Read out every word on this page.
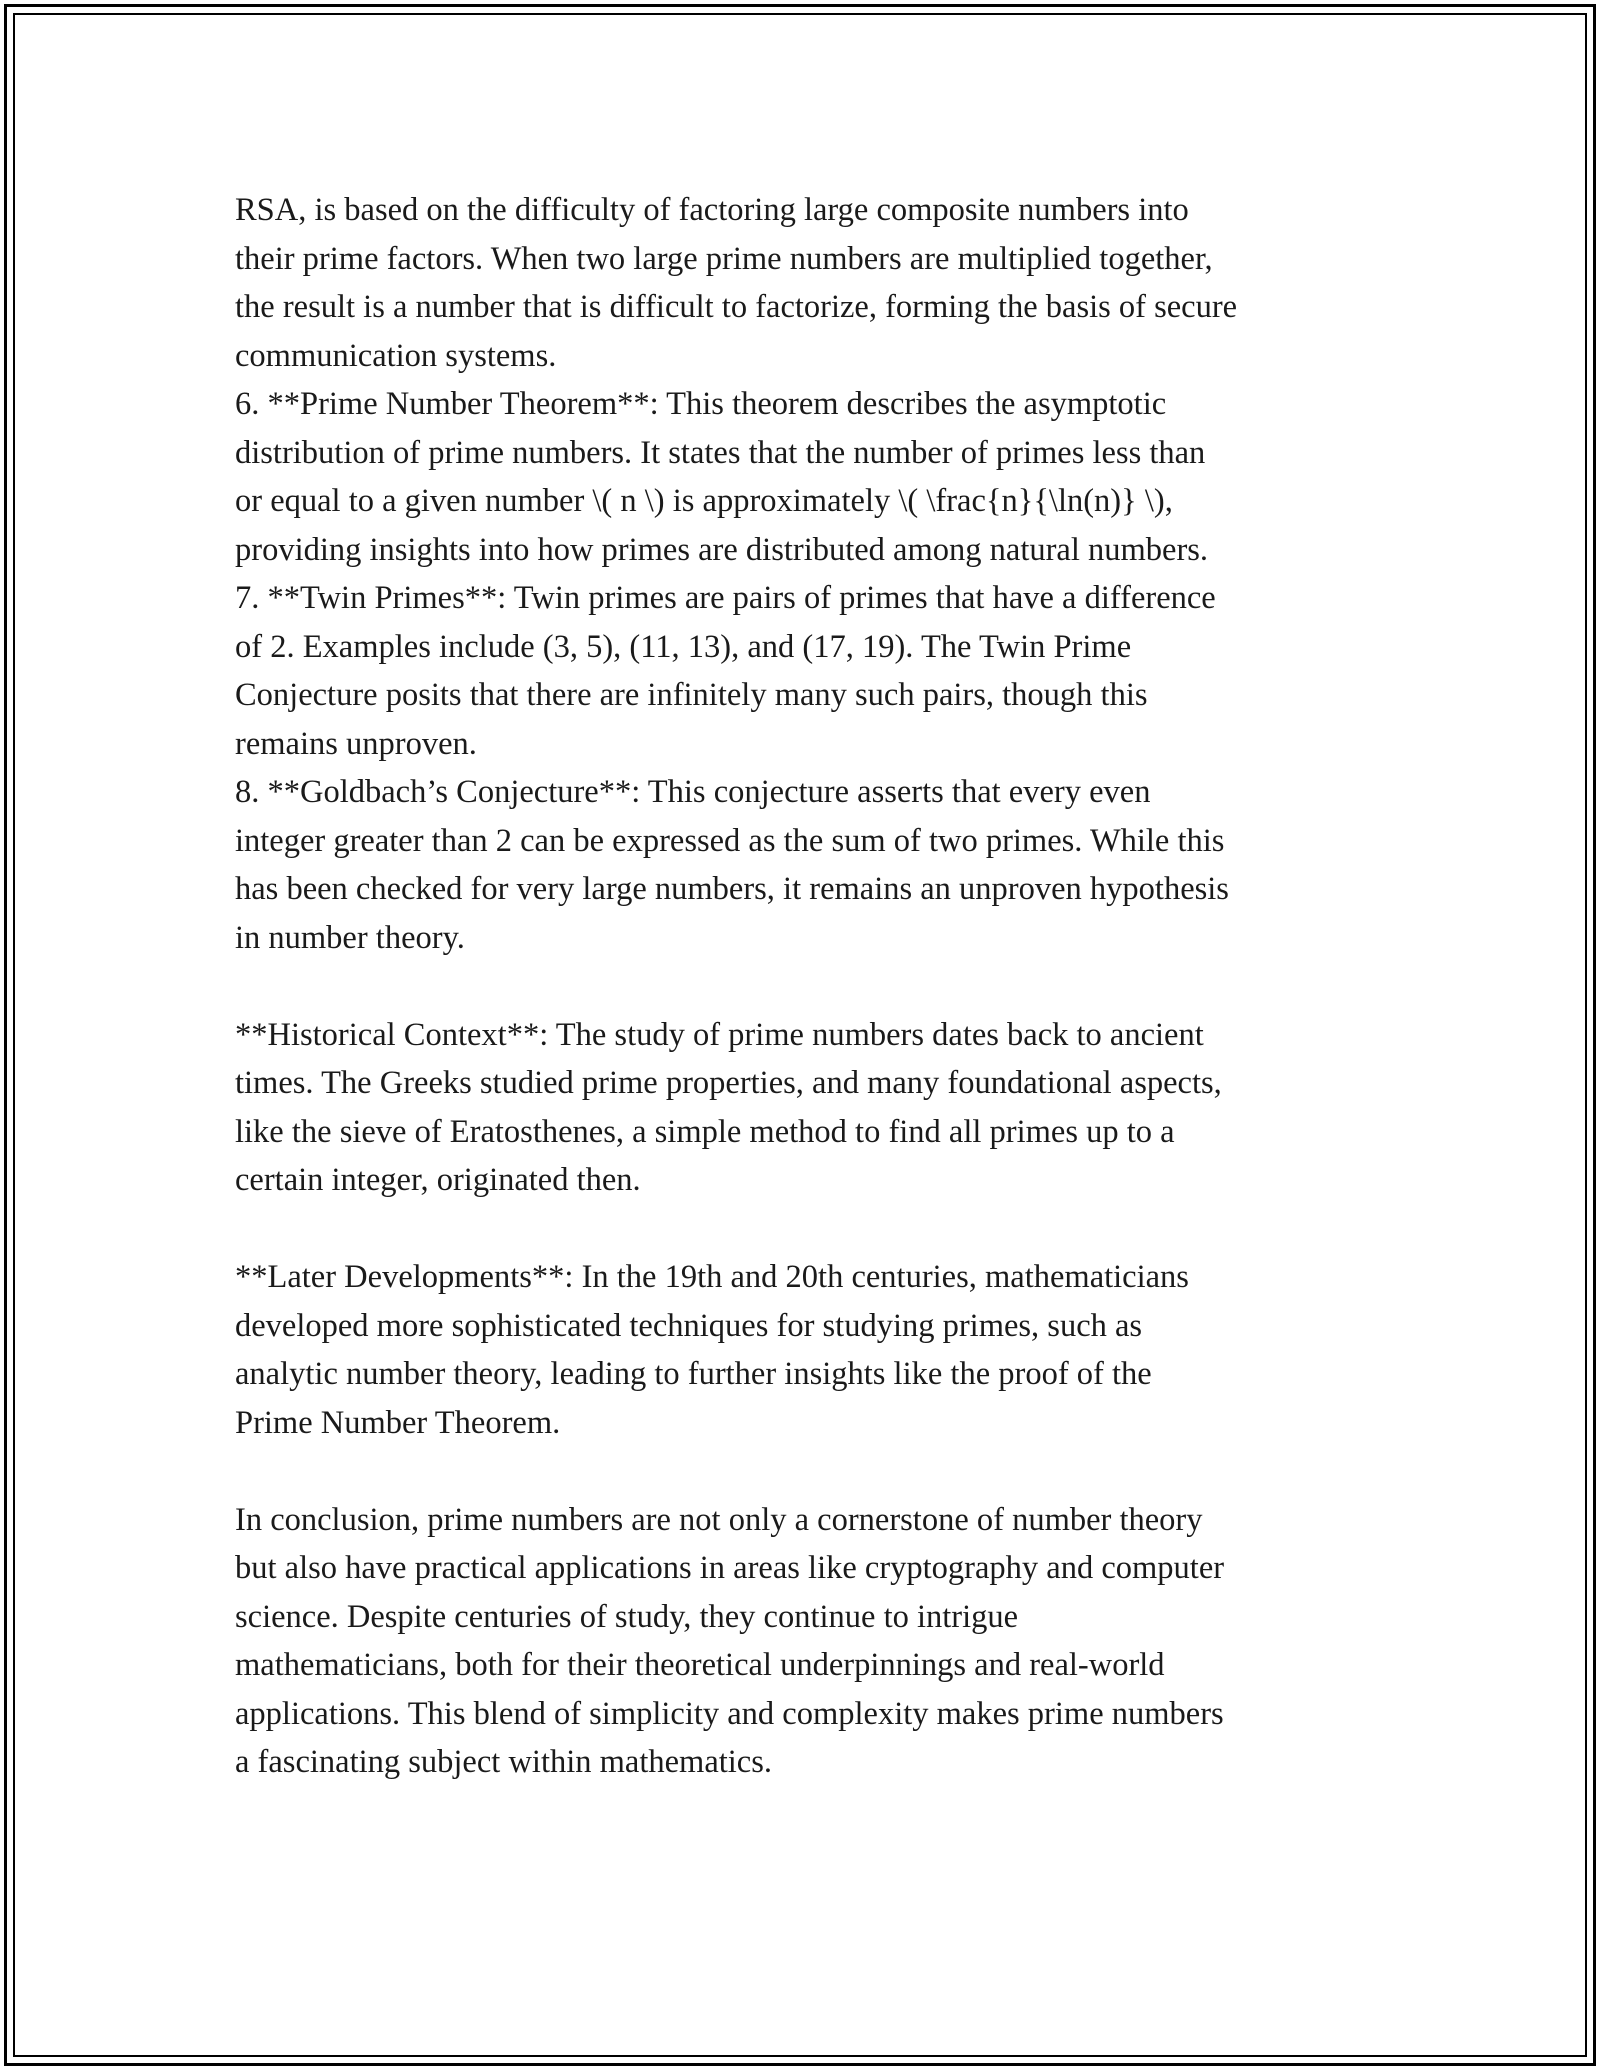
RSA, is based on the difficulty of factoring large composite numbers into

their prime factors. When two large prime numbers are multiplied together,

the result is a number that is difficult to factorize, forming the basis of secure

communication systems.

6. **Prime Number Theorem**: This theorem describes the asymptotic

distribution of prime numbers. It states that the number of primes less than

or equal to a given number \( n \) is approximately \( \frac{n}{\ln(n)} \),

providing insights into how primes are distributed among natural numbers.

7. **Twin Primes**: Twin primes are pairs of primes that have a difference

of 2. Examples include (3, 5), (11, 13), and (17, 19). The Twin Prime

Conjecture posits that there are infinitely many such pairs, though this

remains unproven.

8. **Goldbach’s Conjecture**: This conjecture asserts that every even

integer greater than 2 can be expressed as the sum of two primes. While this

has been checked for very large numbers, it remains an unproven hypothesis

in number theory.

**Historical Context**: The study of prime numbers dates back to ancient

times. The Greeks studied prime properties, and many foundational aspects,

like the sieve of Eratosthenes, a simple method to find all primes up to a

certain integer, originated then.

**Later Developments**: In the 19th and 20th centuries, mathematicians

developed more sophisticated techniques for studying primes, such as

analytic number theory, leading to further insights like the proof of the

Prime Number Theorem.

In conclusion, prime numbers are not only a cornerstone of number theory

but also have practical applications in areas like cryptography and computer

science. Despite centuries of study, they continue to intrigue

mathematicians, both for their theoretical underpinnings and real-world

applications. This blend of simplicity and complexity makes prime numbers

a fascinating subject within mathematics.
